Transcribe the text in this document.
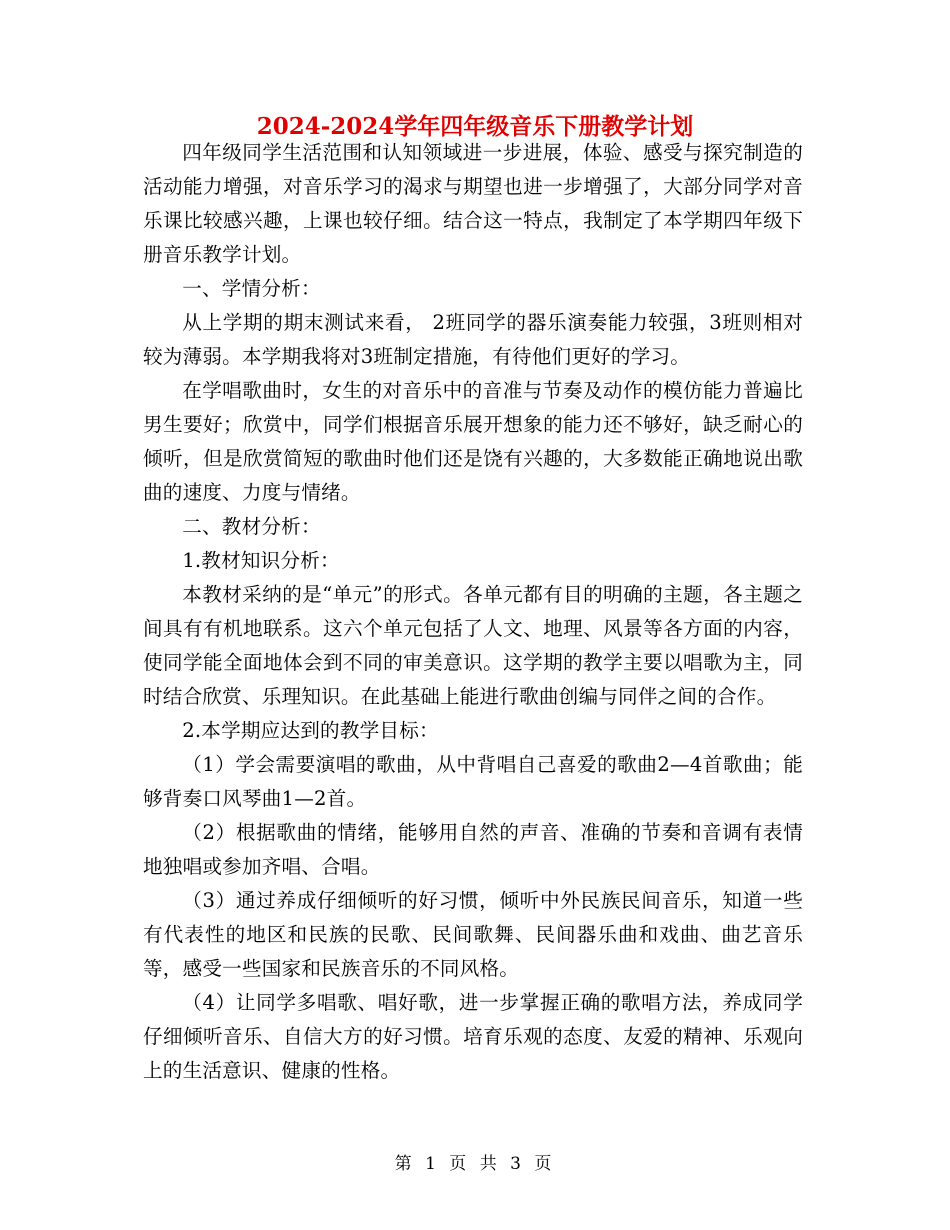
2024-2024学年四年级音乐下册教学计划

四年级同学生活范围和认知领域进一步进展，体验、感受与探究制造的活动能力增强，对音乐学习的渴求与期望也进一步增强了，大部分同学对音乐课比较感兴趣，上课也较仔细。结合这一特点，我制定了本学期四年级下册音乐教学计划。

一、学情分析：

从上学期的期末测试来看， 2班同学的器乐演奏能力较强，3班则相对较为薄弱。本学期我将对3班制定措施，有待他们更好的学习。

在学唱歌曲时，女生的对音乐中的音准与节奏及动作的模仿能力普遍比男生要好；欣赏中，同学们根据音乐展开想象的能力还不够好，缺乏耐心的倾听，但是欣赏简短的歌曲时他们还是饶有兴趣的，大多数能正确地说出歌曲的速度、力度与情绪。

二、教材分析：

1.教材知识分析：

本教材采纳的是“单元”的形式。各单元都有目的明确的主题，各主题之间具有有机地联系。这六个单元包括了人文、地理、风景等各方面的内容，使同学能全面地体会到不同的审美意识。这学期的教学主要以唱歌为主，同时结合欣赏、乐理知识。在此基础上能进行歌曲创编与同伴之间的合作。

2.本学期应达到的教学目标：

（1）学会需要演唱的歌曲，从中背唱自己喜爱的歌曲2—4首歌曲；能够背奏口风琴曲1—2首。

（2）根据歌曲的情绪，能够用自然的声音、准确的节奏和音调有表情地独唱或参加齐唱、合唱。

（3）通过养成仔细倾听的好习惯，倾听中外民族民间音乐，知道一些有代表性的地区和民族的民歌、民间歌舞、民间器乐曲和戏曲、曲艺音乐等，感受一些国家和民族音乐的不同风格。

（4）让同学多唱歌、唱好歌，进一步掌握正确的歌唱方法，养成同学仔细倾听音乐、自信大方的好习惯。培育乐观的态度、友爱的精神、乐观向上的生活意识、健康的性格。

第 1 页 共 3 页
